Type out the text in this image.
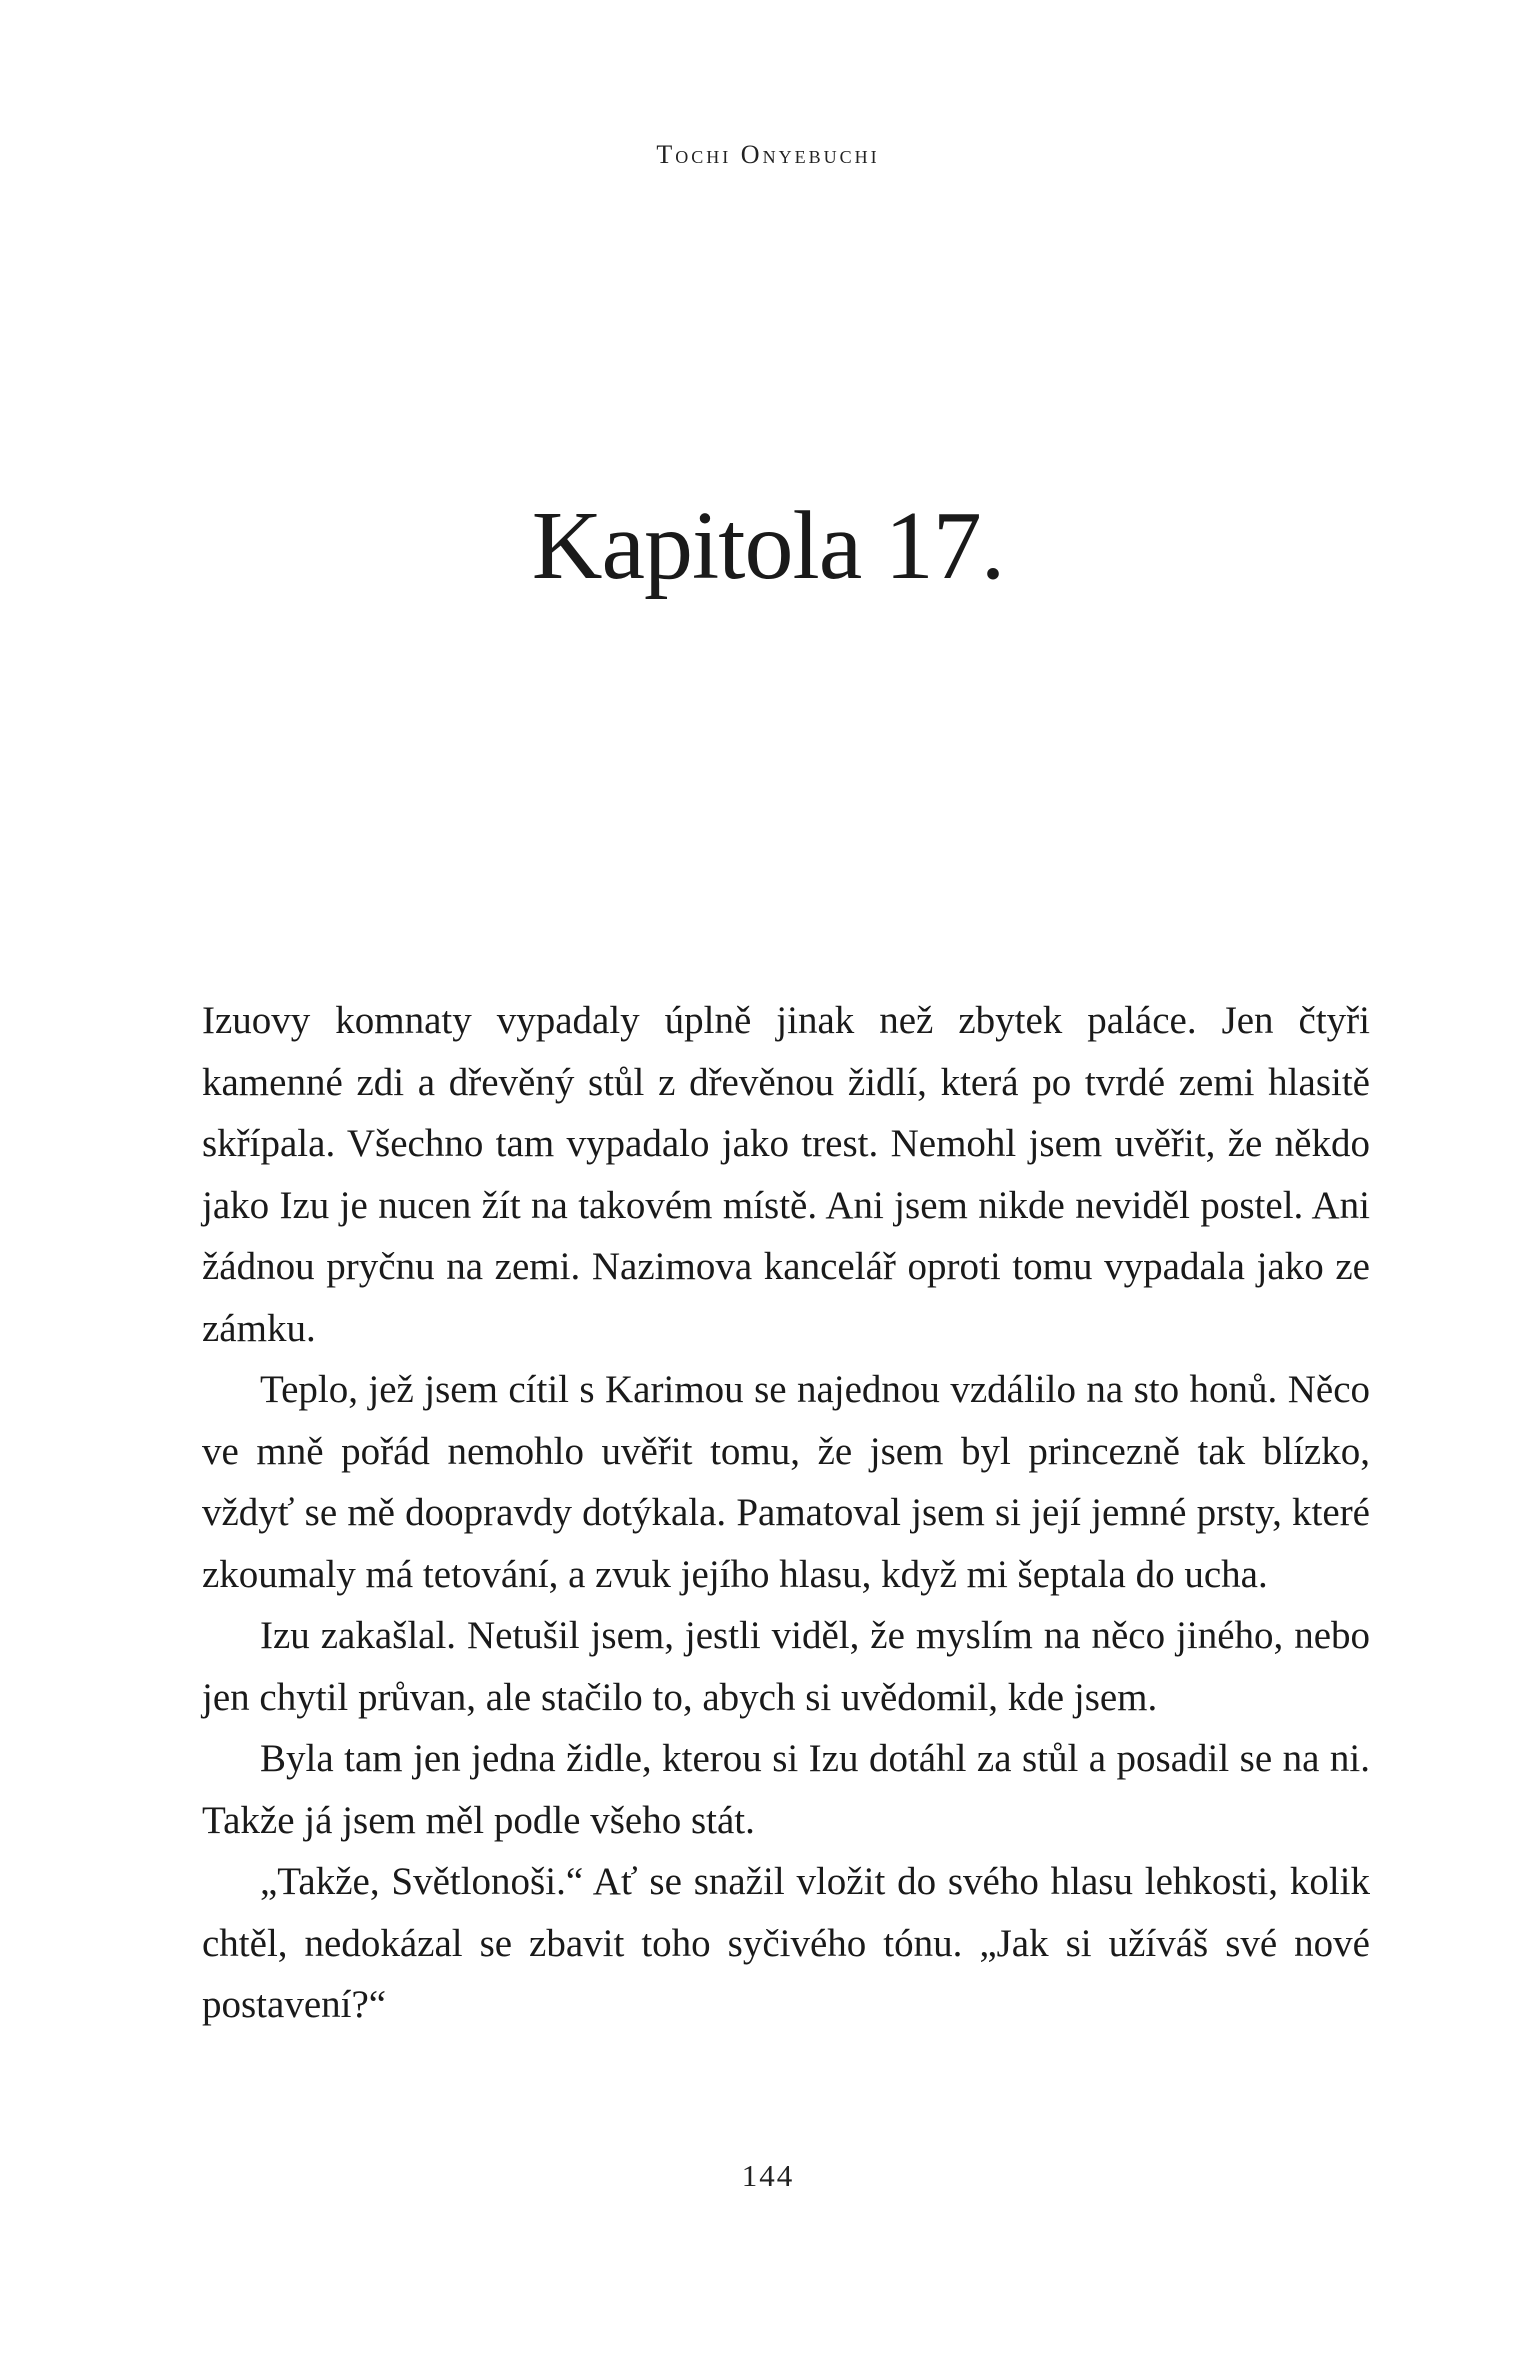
Tochi Onyebuchi
Kapitola 17.

Izuovy komnaty vypadaly úplně jinak než zbytek paláce. Jen čtyři kamenné zdi a dřevěný stůl z dřevěnou židlí, která po tvrdé zemi hlasitě skřípala. Všechno tam vypadalo jako trest. Nemohl jsem uvěřit, že někdo jako Izu je nucen žít na takovém místě. Ani jsem nikde neviděl postel. Ani žádnou pryčnu na zemi. Nazimova kancelář oproti tomu vypadala jako ze zámku.

Teplo, jež jsem cítil s Karimou se najednou vzdálilo na sto honů. Něco ve mně pořád nemohlo uvěřit tomu, že jsem byl princezně tak blízko, vždyť se mě doopravdy dotýkala. Pamatoval jsem si její jemné prsty, které zkoumaly má tetování, a zvuk jejího hlasu, když mi šeptala do ucha.

Izu zakašlal. Netušil jsem, jestli viděl, že myslím na něco jiného, nebo jen chytil průvan, ale stačilo to, abych si uvědomil, kde jsem.

Byla tam jen jedna židle, kterou si Izu dotáhl za stůl a posadil se na ni. Takže já jsem měl podle všeho stát.

„Takže, Světlonoši.“ Ať se snažil vložit do svého hlasu lehkosti, kolik chtěl, nedokázal se zbavit toho syčivého tónu. „Jak si užíváš své nové postavení?“

144
